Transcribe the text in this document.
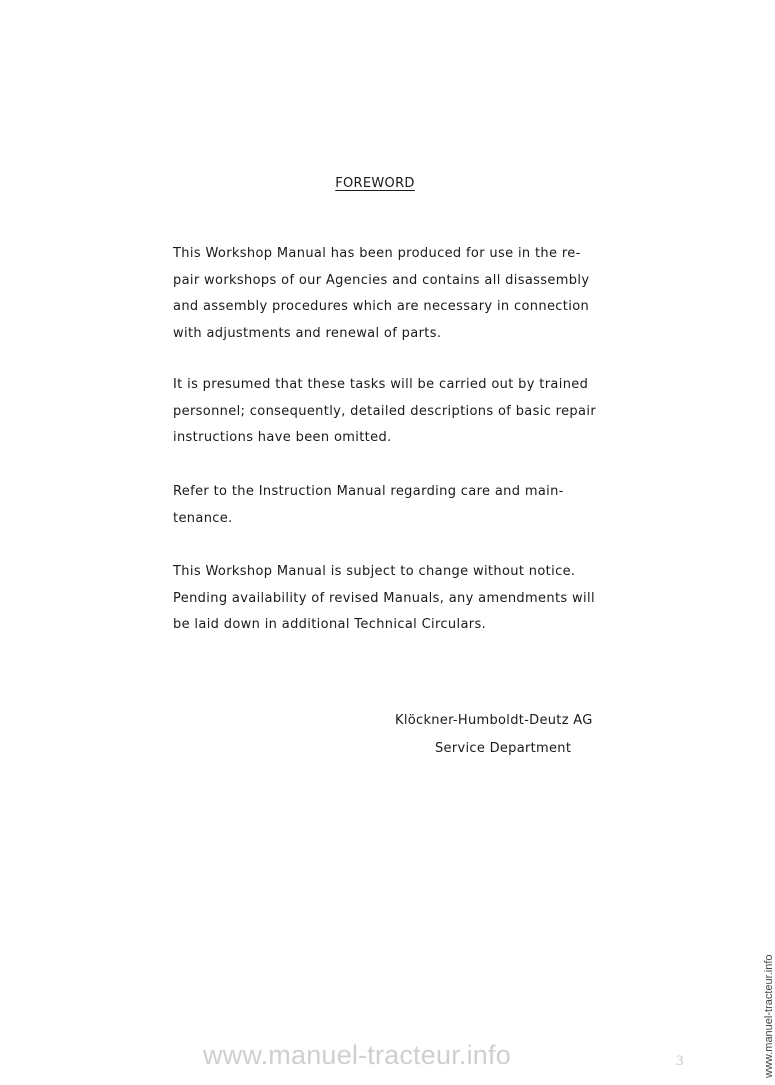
FOREWORD
This Workshop Manual has been produced for use in the re-
pair workshops of our Agencies and contains all disassembly
and assembly procedures which are necessary in connection
with adjustments and renewal of parts.
It is presumed that these tasks will be carried out by trained
personnel; consequently, detailed descriptions of basic repair
instructions have been omitted.
Refer to the Instruction Manual regarding care and main-
tenance.
This Workshop Manual is subject to change without notice.
Pending availability of revised Manuals, any amendments will
be laid down in additional Technical Circulars.
Klöckner-Humboldt-Deutz AG
Service Department
www.manuel-tracteur.info	3	www.manuel-tracteur.info
